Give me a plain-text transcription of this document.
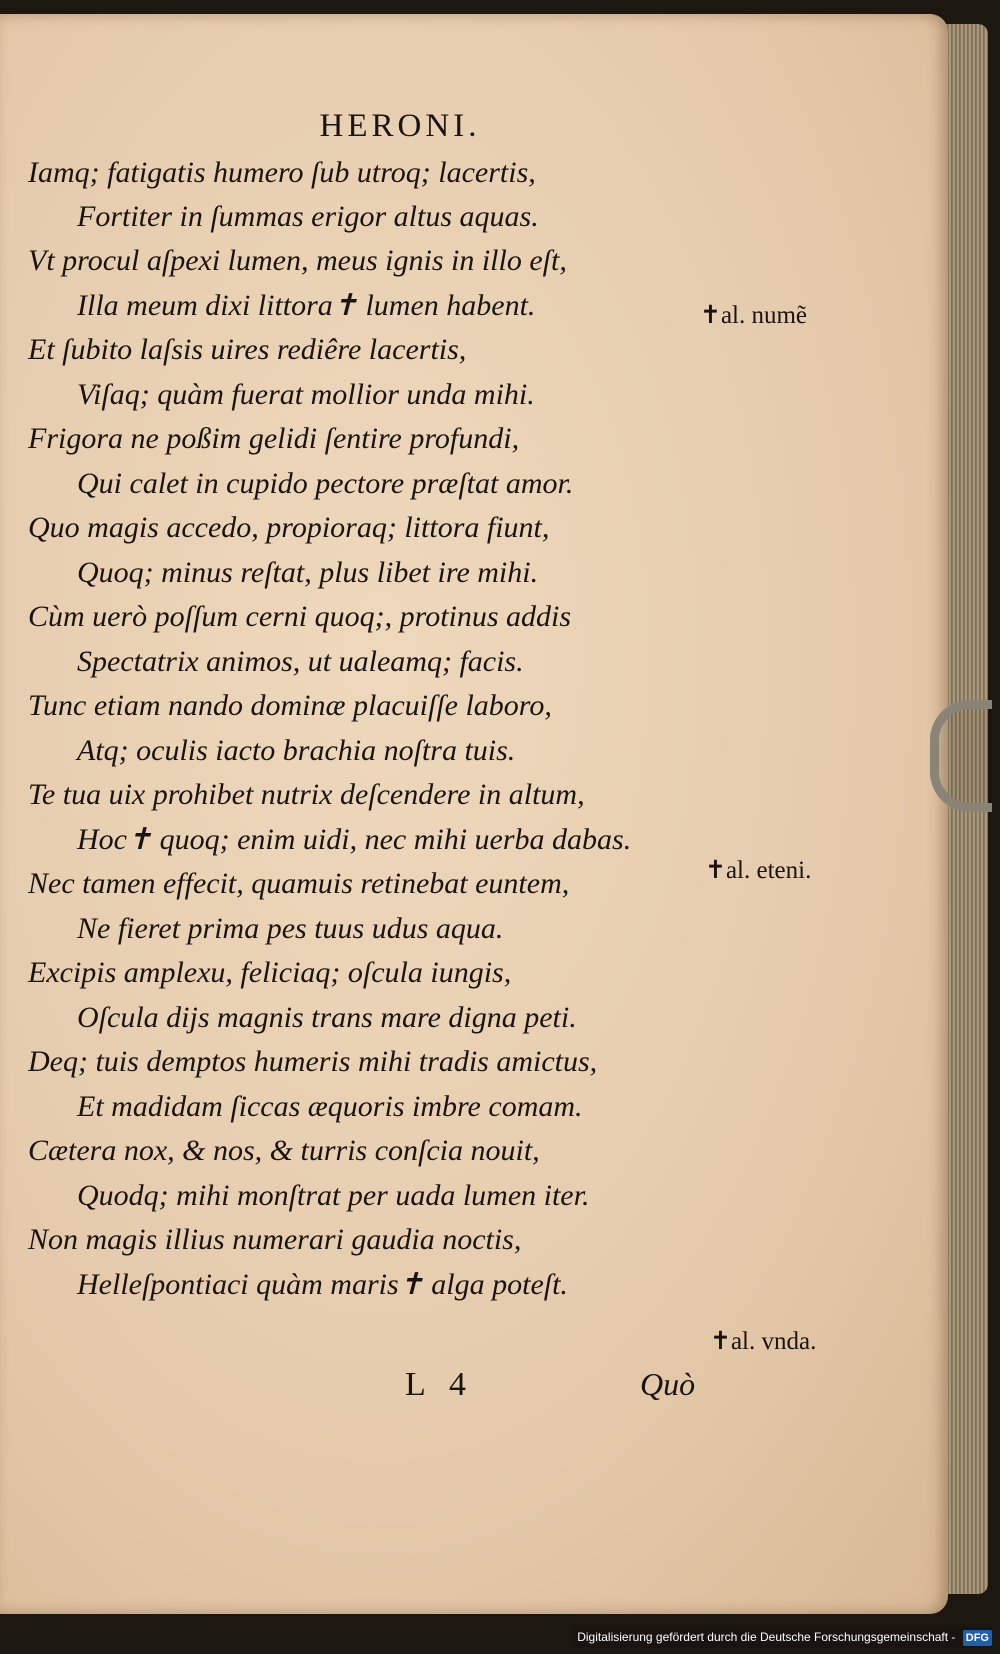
HERONI.
Iamq; fatigatis humero ſub utroq; lacertis,
Fortiter in ſummas erigor altus aquas.
Vt procul aſpexi lumen, meus ignis in illo eſt,
Illa meum dixi littora✝ lumen habent.
Et ſubito laſsis uires rediêre lacertis,
Viſaq; quàm fuerat mollior unda mihi.
Frigora ne poßim gelidi ſentire profundi,
Qui calet in cupido pectore præſtat amor.
Quo magis accedo, propioraq; littora fiunt,
Quoq; minus reſtat, plus libet ire mihi.
Cùm uerò poſſum cerni quoq;, protinus addis
Spectatrix animos, ut ualeamq; facis.
Tunc etiam nando dominæ placuiſſe laboro,
Atq; oculis iacto brachia noſtra tuis.
Te tua uix prohibet nutrix deſcendere in altum,
Hoc✝ quoq; enim uidi, nec mihi uerba dabas.
Nec tamen effecit, quamuis retinebat euntem,
Ne fieret prima pes tuus udus aqua.
Excipis amplexu, feliciaq; oſcula iungis,
Oſcula dijs magnis trans mare digna peti.
Deq; tuis demptos humeris mihi tradis amictus,
Et madidam ſiccas æquoris imbre comam.
Cætera nox, & nos, & turris conſcia nouit,
Quodq; mihi monſtrat per uada lumen iter.
Non magis illius numerari gaudia noctis,
Helleſpontiaci quàm maris✝ alga poteſt.
✝al. numẽ
✝al. eteni.
✝al. vnda.
L 4	Quò
Digitalisierung gefördert durch die Deutsche Forschungsgemeinschaft - DFG
